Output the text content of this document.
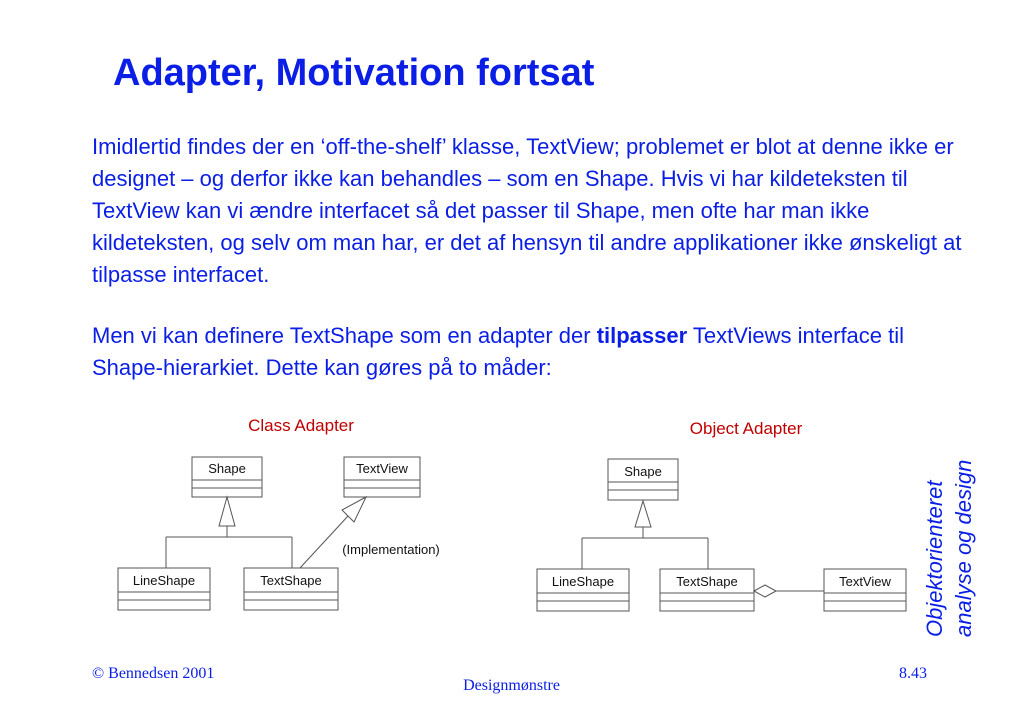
Adapter, Motivation fortsat

Imidlertid findes der en ‘off-the-shelf’ klasse, TextView; problemet er blot at denne ikke er designet – og derfor ikke kan behandles – som en Shape. Hvis vi har kildeteksten til TextView kan vi ændre interfacet så det passer til Shape, men ofte har man ikke kildeteksten, og selv om man har, er det af hensyn til andre applikationer ikke ønskeligt at tilpasse interfacet.

Men vi kan definere TextShape som en adapter der tilpasser TextViews interface til Shape-hierarkiet. Dette kan gøres på to måder:

Class Adapter	Object Adapter
Shape	TextView
LineShape	TextShape
(Implementation)
Shape
LineShape	TextShape	TextView Objektorienteret analyse og design
© Bennedsen 2001
Designmønstre
8.43
